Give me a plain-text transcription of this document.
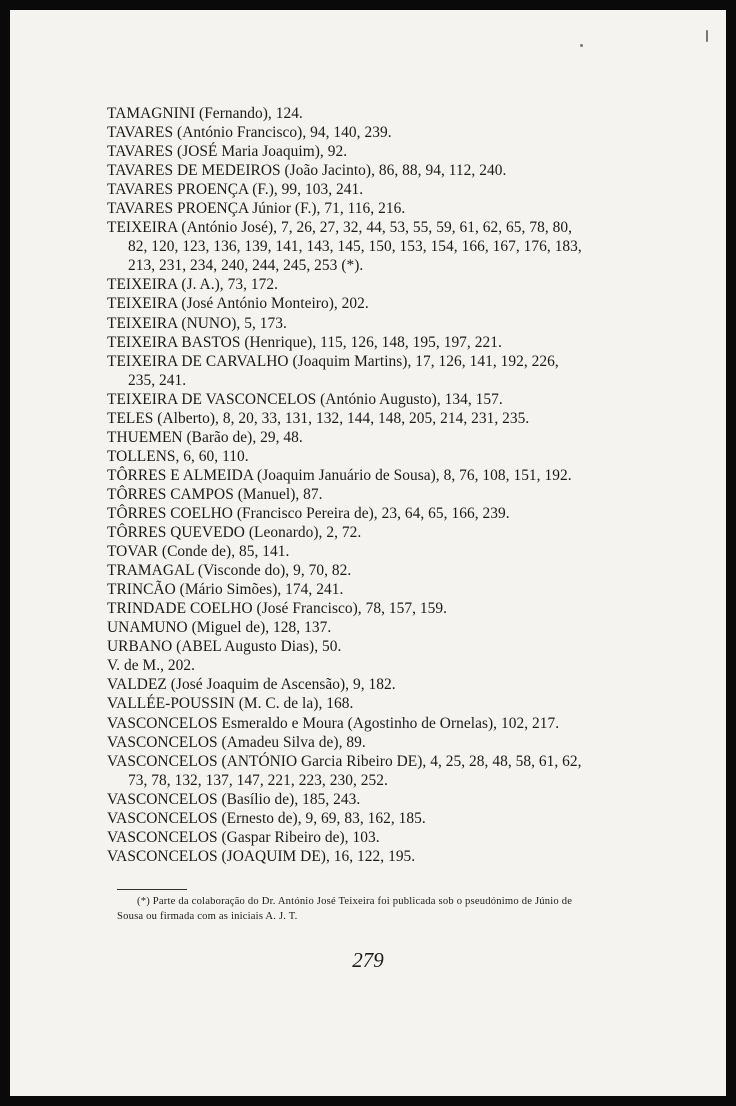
TAMAGNINI (Fernando), 124.

TAVARES (António Francisco), 94, 140, 239.

TAVARES (JOSÉ Maria Joaquim), 92.

TAVARES DE MEDEIROS (João Jacinto), 86, 88, 94, 112, 240.

TAVARES PROENÇA (F.), 99, 103, 241.

TAVARES PROENÇA Júnior (F.), 71, 116, 216.

TEIXEIRA (António José), 7, 26, 27, 32, 44, 53, 55, 59, 61, 62, 65, 78, 80, 82, 120, 123, 136, 139, 141, 143, 145, 150, 153, 154, 166, 167, 176, 183, 213, 231, 234, 240, 244, 245, 253 (*).

TEIXEIRA (J. A.), 73, 172.

TEIXEIRA (José António Monteiro), 202.

TEIXEIRA (NUNO), 5, 173.

TEIXEIRA BASTOS (Henrique), 115, 126, 148, 195, 197, 221.

TEIXEIRA DE CARVALHO (Joaquim Martins), 17, 126, 141, 192, 226, 235, 241.

TEIXEIRA DE VASCONCELOS (António Augusto), 134, 157.

TELES (Alberto), 8, 20, 33, 131, 132, 144, 148, 205, 214, 231, 235.

THUEMEN (Barão de), 29, 48.

TOLLENS, 6, 60, 110.

TÔRRES E ALMEIDA (Joaquim Januário de Sousa), 8, 76, 108, 151, 192.

TÔRRES CAMPOS (Manuel), 87.

TÔRRES COELHO (Francisco Pereira de), 23, 64, 65, 166, 239.

TÔRRES QUEVEDO (Leonardo), 2, 72.

TOVAR (Conde de), 85, 141.

TRAMAGAL (Visconde do), 9, 70, 82.

TRINCÃO (Mário Simões), 174, 241.

TRINDADE COELHO (José Francisco), 78, 157, 159.

UNAMUNO (Miguel de), 128, 137.

URBANO (ABEL Augusto Dias), 50.

V. de M., 202.

VALDEZ (José Joaquim de Ascensão), 9, 182.

VALLÉE-POUSSIN (M. C. de la), 168.

VASCONCELOS Esmeraldo e Moura (Agostinho de Ornelas), 102, 217.

VASCONCELOS (Amadeu Silva de), 89.

VASCONCELOS (ANTÓNIO Garcia Ribeiro DE), 4, 25, 28, 48, 58, 61, 62, 73, 78, 132, 137, 147, 221, 223, 230, 252.

VASCONCELOS (Basílio de), 185, 243.

VASCONCELOS (Ernesto de), 9, 69, 83, 162, 185.

VASCONCELOS (Gaspar Ribeiro de), 103.

VASCONCELOS (JOAQUIM DE), 16, 122, 195.

(*) Parte da colaboração do Dr. António José Teixeira foi publicada sob o pseudónimo de Júnio de Sousa ou firmada com as iniciais A. J. T.
279
